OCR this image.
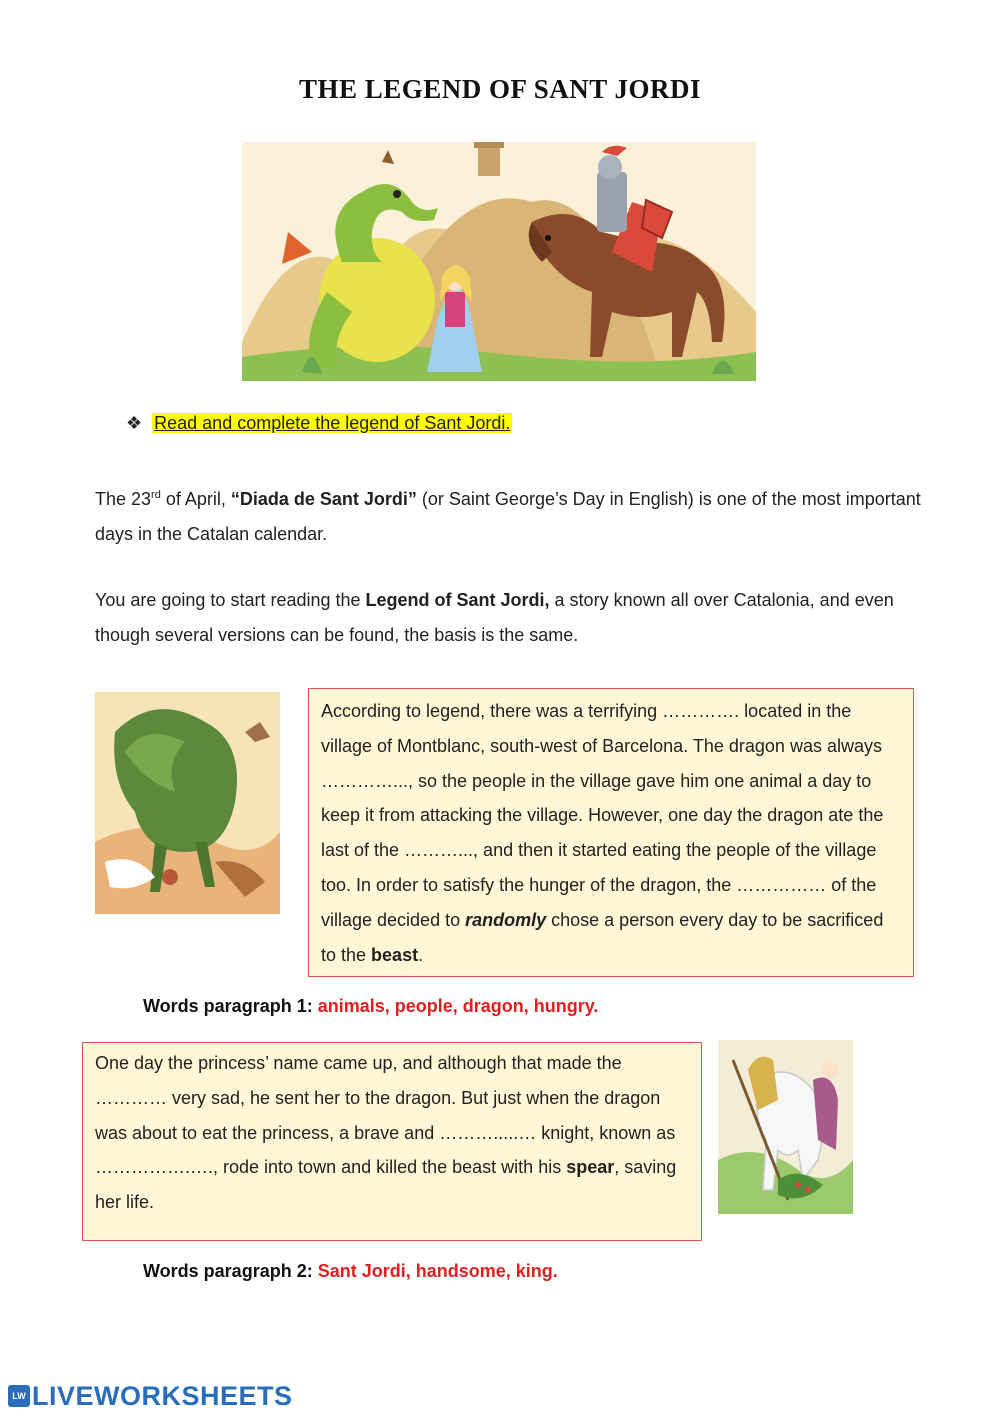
THE LEGEND OF SANT JORDI
❖ Read and complete the legend of Sant Jordi.
The 23rd of April, “Diada de Sant Jordi” (or Saint George’s Day in English) is one of the most important days in the Catalan calendar.
You are going to start reading the Legend of Sant Jordi, a story known all over Catalonia, and even though several versions can be found, the basis is the same.
According to legend, there was a terrifying …………. located in the village of Montblanc, south-west of Barcelona. The dragon was always …………..., so the people in the village gave him one animal a day to keep it from attacking the village. However, one day the dragon ate the last of the ………..., and then it started eating the people of the village too. In order to satisfy the hunger of the dragon, the …………… of the village decided to randomly chose a person every day to be sacrificed to the beast.
Words paragraph 1: animals, people, dragon, hungry.
One day the princess’ name came up, and although that made the ………… very sad, he sent her to the dragon. But just when the dragon was about to eat the princess, a brave and ……….....… knight, known as …………….…., rode into town and killed the beast with his spear, saving her life.
Words paragraph 2: Sant Jordi, handsome, king.
LW LIVEWORKSHEETS
